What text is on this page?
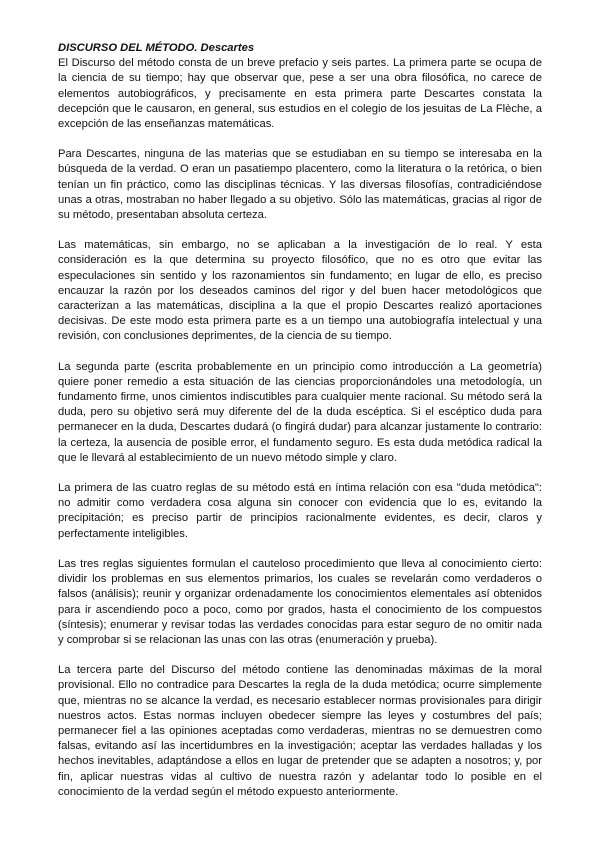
DISCURSO DEL MÉTODO. Descartes

El Discurso del método consta de un breve prefacio y seis partes. La primera parte se ocupa de la ciencia de su tiempo; hay que observar que, pese a ser una obra filosófica, no carece de elementos autobiográficos, y precisamente en esta primera parte Descartes constata la decepción que le causaron, en general, sus estudios en el colegio de los jesuitas de La Flèche, a excepción de las enseñanzas matemáticas.

Para Descartes, ninguna de las materias que se estudiaban en su tiempo se interesaba en la búsqueda de la verdad. O eran un pasatiempo placentero, como la literatura o la retórica, o bien tenían un fin práctico, como las disciplinas técnicas. Y las diversas filosofías, contradiciéndose unas a otras, mostraban no haber llegado a su objetivo. Sólo las matemáticas, gracias al rigor de su método, presentaban absoluta certeza.

Las matemáticas, sin embargo, no se aplicaban a la investigación de lo real. Y esta consideración es la que determina su proyecto filosófico, que no es otro que evitar las especulaciones sin sentido y los razonamientos sin fundamento; en lugar de ello, es preciso encauzar la razón por los deseados caminos del rigor y del buen hacer metodológicos que caracterizan a las matemáticas, disciplina a la que el propio Descartes realizó aportaciones decisivas. De este modo esta primera parte es a un tiempo una autobiografía intelectual y una revisión, con conclusiones deprimentes, de la ciencia de su tiempo.

La segunda parte (escrita probablemente en un principio como introducción a La geometría) quiere poner remedio a esta situación de las ciencias proporcionándoles una metodología, un fundamento firme, unos cimientos indiscutibles para cualquier mente racional. Su método será la duda, pero su objetivo será muy diferente del de la duda escéptica. Si el escéptico duda para permanecer en la duda, Descartes dudará (o fingirá dudar) para alcanzar justamente lo contrario: la certeza, la ausencia de posible error, el fundamento seguro. Es esta duda metódica radical la que le llevará al establecimiento de un nuevo método simple y claro.

La primera de las cuatro reglas de su método está en íntima relación con esa "duda metódica": no admitir como verdadera cosa alguna sin conocer con evidencia que lo es, evitando la precipitación; es preciso partir de principios racionalmente evidentes, es decir, claros y perfectamente inteligibles.

Las tres reglas siguientes formulan el cauteloso procedimiento que lleva al conocimiento cierto: dividir los problemas en sus elementos primarios, los cuales se revelarán como verdaderos o falsos (análisis); reunir y organizar ordenadamente los conocimientos elementales así obtenidos para ir ascendiendo poco a poco, como por grados, hasta el conocimiento de los compuestos (síntesis); enumerar y revisar todas las verdades conocidas para estar seguro de no omitir nada y comprobar si se relacionan las unas con las otras (enumeración y prueba).

La tercera parte del Discurso del método contiene las denominadas máximas de la moral provisional. Ello no contradice para Descartes la regla de la duda metódica; ocurre simplemente que, mientras no se alcance la verdad, es necesario establecer normas provisionales para dirigir nuestros actos. Estas normas incluyen obedecer siempre las leyes y costumbres del país; permanecer fiel a las opiniones aceptadas como verdaderas, mientras no se demuestren como falsas, evitando así las incertidumbres en la investigación; aceptar las verdades halladas y los hechos inevitables, adaptándose a ellos en lugar de pretender que se adapten a nosotros; y, por fin, aplicar nuestras vidas al cultivo de nuestra razón y adelantar todo lo posible en el conocimiento de la verdad según el método expuesto anteriormente.
